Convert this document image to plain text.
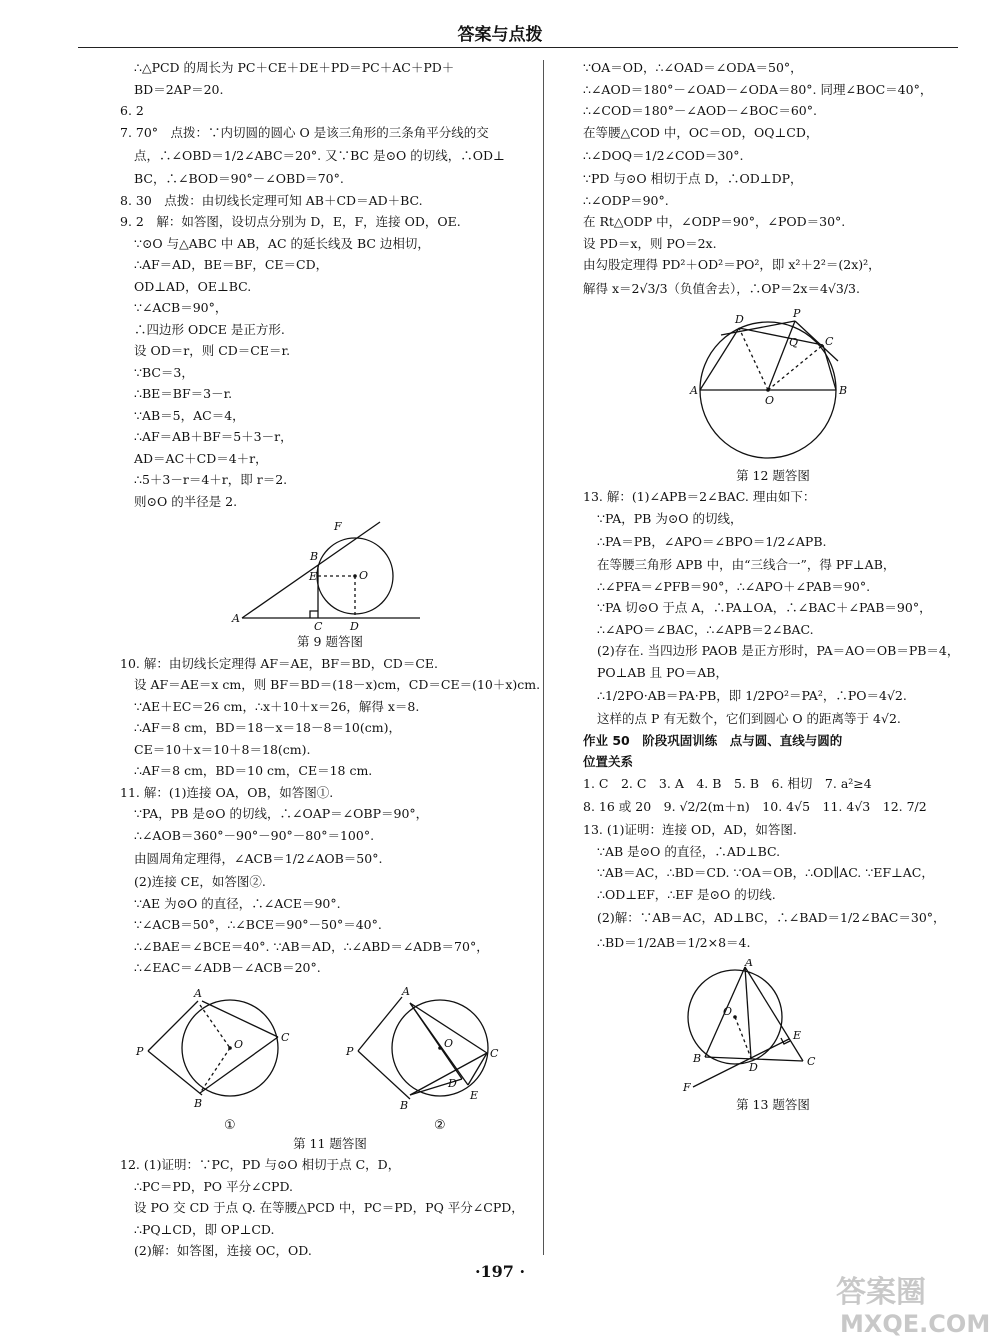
答案与点拨

∴△PCD 的周长为 PC＋CE＋DE＋PD＝PC＋AC＋PD＋

BD＝2AP＝20.

6. 2

7. 70°　点拨：∵内切圆的圆心 O 是该三角形的三条角平分线的交

点，∴∠OBD＝1/2∠ABC＝20°. 又∵BC 是⊙O 的切线，∴OD⊥

BC，∴∠BOD＝90°－∠OBD＝70°.

8. 30　点拨：由切线长定理可知 AB＋CD＝AD＋BC.

9. 2　解：如答图，设切点分别为 D，E，F，连接 OD，OE.

∵⊙O 与△ABC 中 AB，AC 的延长线及 BC 边相切，

∴AF＝AD，BE＝BF，CE＝CD，

OD⊥AD，OE⊥BC.

∵∠ACB＝90°，

∴四边形 ODCE 是正方形.

设 OD＝r，则 CD＝CE＝r.

∵BC＝3，

∴BE＝BF＝3－r.

∵AB＝5，AC＝4，

∴AF＝AB＋BF＝5＋3－r，

AD＝AC＋CD＝4＋r，

∴5＋3－r＝4＋r，即 r＝2.

则⊙O 的半径是 2.

F
B
E	O
A
C	D

第 9 题答图

10. 解：由切线长定理得 AF＝AE，BF＝BD，CD＝CE.

设 AF＝AE＝x cm，则 BF＝BD＝(18－x)cm，CD＝CE＝(10＋x)cm.

∵AE＋EC＝26 cm，∴x＋10＋x＝26，解得 x＝8.

∴AF＝8 cm，BD＝18－x＝18－8＝10(cm)，

CE＝10＋x＝10＋8＝18(cm).

∴AF＝8 cm，BD＝10 cm，CE＝18 cm.

11. 解：(1)连接 OA，OB，如答图①.

∵PA，PB 是⊙O 的切线，∴∠OAP＝∠OBP＝90°，

∴∠AOB＝360°－90°－90°－80°＝100°.

由圆周角定理得，∠ACB＝1/2∠AOB＝50°.

(2)连接 CE，如答图②.

∵AE 为⊙O 的直径，∴∠ACE＝90°.

∵∠ACB＝50°，∴∠BCE＝90°－50°＝40°.

∴∠BAE＝∠BCE＝40°. ∵AB＝AD，∴∠ABD＝∠ADB＝70°，

∴∠EAC＝∠ADB－∠ACB＝20°.

A
P
O
C
B
A
P
O
C
D
B
E
①	②

第 11 题答图

12. (1)证明：∵PC，PD 与⊙O 相切于点 C，D，

∴PC＝PD，PO 平分∠CPD.

设 PO 交 CD 于点 Q. 在等腰△PCD 中，PC＝PD，PQ 平分∠CPD，

∴PQ⊥CD，即 OP⊥CD.

(2)解：如答图，连接 OC，OD.

∵OA＝OD，∴∠OAD＝∠ODA＝50°，

∴∠AOD＝180°－∠OAD－∠ODA＝80°. 同理∠BOC＝40°，

∴∠COD＝180°－∠AOD－∠BOC＝60°.

在等腰△COD 中，OC＝OD，OQ⊥CD，

∴∠DOQ＝1/2∠COD＝30°.

∵PD 与⊙O 相切于点 D，∴OD⊥DP，

∴∠ODP＝90°.

在 Rt△ODP 中，∠ODP＝90°，∠POD＝30°.

设 PD＝x，则 PO＝2x.

由勾股定理得 PD²＋OD²＝PO²，即 x²＋2²＝(2x)²，

解得 x＝2√3/3（负值舍去），∴OP＝2x＝4√3/3.

D	P
Q C
A
O
B

第 12 题答图

13. 解：(1)∠APB＝2∠BAC. 理由如下：

∵PA，PB 为⊙O 的切线，

∴PA＝PB，∠APO＝∠BPO＝1/2∠APB.

在等腰三角形 APB 中，由“三线合一”，得 PF⊥AB，

∴∠PFA＝∠PFB＝90°，∴∠APO＋∠PAB＝90°.

∵PA 切⊙O 于点 A，∴PA⊥OA，∴∠BAC＋∠PAB＝90°，

∴∠APO＝∠BAC，∴∠APB＝2∠BAC.

(2)存在. 当四边形 PAOB 是正方形时，PA＝AO＝OB＝PB＝4，

PO⊥AB 且 PO＝AB，

∴1/2PO·AB＝PA·PB，即 1/2PO²＝PA²，∴PO＝4√2.

这样的点 P 有无数个，它们到圆心 O 的距离等于 4√2.

作业 50　阶段巩固训练　点与圆、直线与圆的

位置关系

1. C　2. C　3. A　4. B　5. B　6. 相切　7. a²≥4

8. 16 或 20　9. √2/2(m＋n)　10. 4√5　11. 4√3　12. 7/2

13. (1)证明：连接 OD，AD，如答图.

∵AB 是⊙O 的直径，∴AD⊥BC.

∵AB＝AC，∴BD＝CD. ∵OA＝OB，∴OD∥AC. ∵EF⊥AC，

∴OD⊥EF，∴EF 是⊙O 的切线.

(2)解：∵AB＝AC，AD⊥BC，∴∠BAD＝1/2∠BAC＝30°，

∴BD＝1/2AB＝1/2×8＝4.

A
O
E
B
D	C
F

第 13 题答图

·197 ·
答案圈
MXQE.COM
